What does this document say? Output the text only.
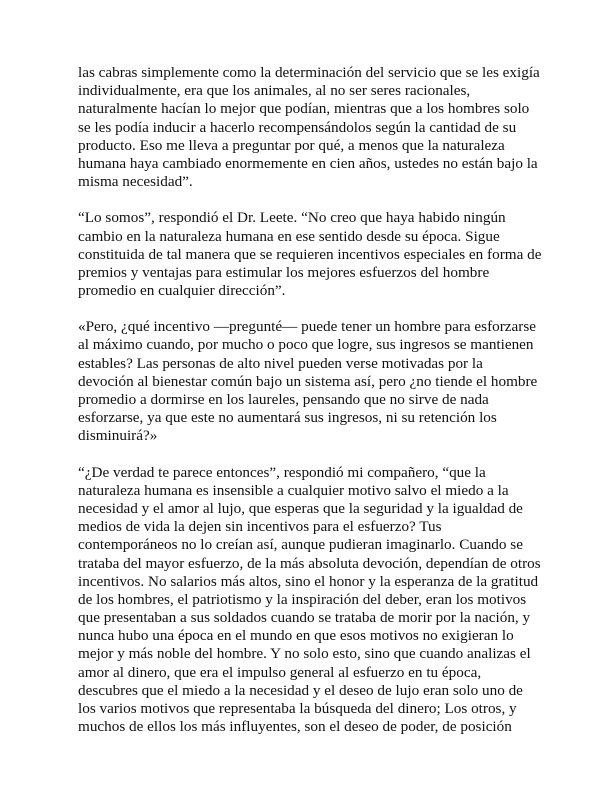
las cabras simplemente como la determinación del servicio que se les exigía
individualmente, era que los animales, al no ser seres racionales,
naturalmente hacían lo mejor que podían, mientras que a los hombres solo
se les podía inducir a hacerlo recompensándolos según la cantidad de su
producto. Eso me lleva a preguntar por qué, a menos que la naturaleza
humana haya cambiado enormemente en cien años, ustedes no están bajo la
misma necesidad”.
“Lo somos”, respondió el Dr. Leete. “No creo que haya habido ningún
cambio en la naturaleza humana en ese sentido desde su época. Sigue
constituida de tal manera que se requieren incentivos especiales en forma de
premios y ventajas para estimular los mejores esfuerzos del hombre
promedio en cualquier dirección”.
«Pero, ¿qué incentivo —pregunté— puede tener un hombre para esforzarse
al máximo cuando, por mucho o poco que logre, sus ingresos se mantienen
estables? Las personas de alto nivel pueden verse motivadas por la
devoción al bienestar común bajo un sistema así, pero ¿no tiende el hombre
promedio a dormirse en los laureles, pensando que no sirve de nada
esforzarse, ya que este no aumentará sus ingresos, ni su retención los
disminuirá?»
“¿De verdad te parece entonces”, respondió mi compañero, “que la
naturaleza humana es insensible a cualquier motivo salvo el miedo a la
necesidad y el amor al lujo, que esperas que la seguridad y la igualdad de
medios de vida la dejen sin incentivos para el esfuerzo? Tus
contemporáneos no lo creían así, aunque pudieran imaginarlo. Cuando se
trataba del mayor esfuerzo, de la más absoluta devoción, dependían de otros
incentivos. No salarios más altos, sino el honor y la esperanza de la gratitud
de los hombres, el patriotismo y la inspiración del deber, eran los motivos
que presentaban a sus soldados cuando se trataba de morir por la nación, y
nunca hubo una época en el mundo en que esos motivos no exigieran lo
mejor y más noble del hombre. Y no solo esto, sino que cuando analizas el
amor al dinero, que era el impulso general al esfuerzo en tu época,
descubres que el miedo a la necesidad y el deseo de lujo eran solo uno de
los varios motivos que representaba la búsqueda del dinero; Los otros, y
muchos de ellos los más influyentes, son el deseo de poder, de posición
